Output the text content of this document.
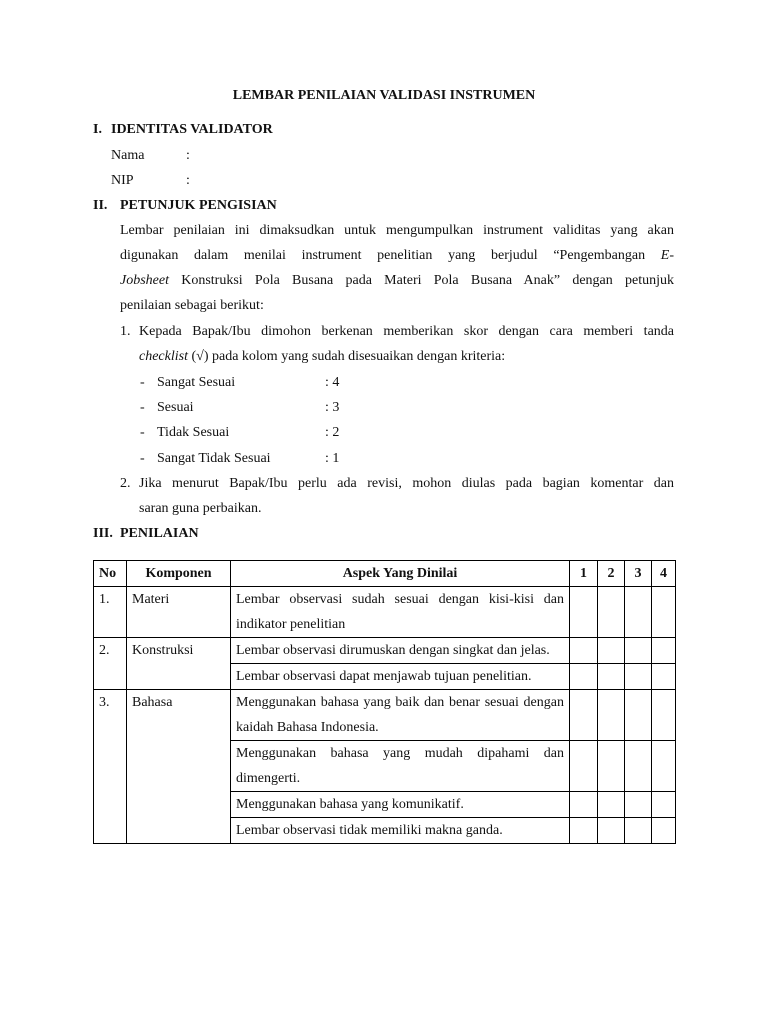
LEMBAR PENILAIAN VALIDASI INSTRUMEN
I. IDENTITAS VALIDATOR
Nama	:
NIP	:
II. PETUNJUK PENGISIAN

Lembar penilaian ini dimaksudkan untuk mengumpulkan instrument validitas yang akan

digunakan dalam menilai instrument penelitian yang berjudul “Pengembangan E-

Jobsheet Konstruksi Pola Busana pada Materi Pola Busana Anak” dengan petunjuk

penilaian sebagai berikut:

1. Kepada Bapak/Ibu dimohon berkenan memberikan skor dengan cara memberi tanda
checklist (√) pada kolom yang sudah disesuaikan dengan kriteria:
- Sangat Sesuai	: 4
- Sesuai	: 3
- Tidak Sesuai	: 2
- Sangat Tidak Sesuai	: 1
2. Jika menurut Bapak/Ibu perlu ada revisi, mohon diulas pada bagian komentar dan
saran guna perbaikan.
III. PENILAIAN
No	Komponen	Aspek Yang Dinilai	1	2	3	4
1.	Materi	Lembar observasi sudah sesuai dengan kisi-kisi dan indikator penelitian				
2.	Konstruksi	Lembar observasi dirumuskan dengan singkat dan jelas.				
		Lembar observasi dapat menjawab tujuan penelitian.				
3.	Bahasa	Menggunakan bahasa yang baik dan benar sesuai dengan kaidah Bahasa Indonesia.				
		Menggunakan bahasa yang mudah dipahami dan dimengerti.				
		Menggunakan bahasa yang komunikatif.				
		Lembar observasi tidak memiliki makna ganda.				
